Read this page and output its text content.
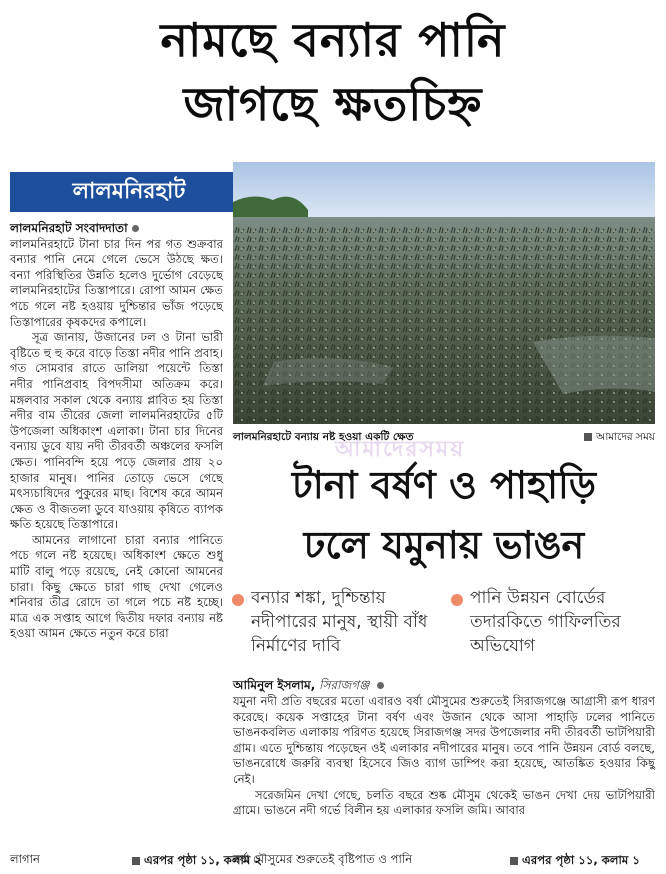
নামছে বন্যার পানি
জাগছে ক্ষতচিহ্ন
লালমনিরহাট
লালমনিরহাট সংবাদদাতা

লালমনিরহাটে টানা চার দিন পর গত শুক্রবার বন্যার পানি নেমে গেলে ভেসে উঠছে ক্ষত। বন্যা পরিস্থিতির উন্নতি হলেও দুর্ভোগ বেড়েছে লালমনিরহাটের তিস্তাপারে। রোপা আমন ক্ষেত পচে গলে নষ্ট হওয়ায় দুশ্চিন্তার ভাঁজ পড়েছে তিস্তাপারের কৃষকদের কপালে।

সূত্র জানায়, উজানের ঢল ও টানা ভারী বৃষ্টিতে হু হু করে বাড়ে তিস্তা নদীর পানি প্রবাহ। গত সোমবার রাতে ডালিয়া পয়েন্টে তিস্তা নদীর পানিপ্রবাহ বিপদসীমা অতিক্রম করে। মঙ্গলবার সকাল থেকে বন্যায় প্লাবিত হয় তিস্তা নদীর বাম তীরের জেলা লালমনিরহাটের ৫টি উপজেলা অধিকাংশ এলাকা। টানা চার দিনের বন্যায় ডুবে যায় নদী তীরবর্তী অঞ্চলের ফসলি ক্ষেত। পানিবন্দি হয়ে পড়ে জেলার প্রায় ২০ হাজার মানুষ। পানির তোড়ে ভেসে গেছে মৎস্যচাষিদের পুকুরের মাছ। বিশেষ করে আমন ক্ষেত ও বীজতলা ডুবে যাওয়ায় কৃষিতে ব্যাপক ক্ষতি হয়েছে তিস্তাপারে।

আমনের লাগানো চারা বন্যার পানিতে পচে গলে নষ্ট হয়েছে। অধিকাংশ ক্ষেতে শুধু মাটি বালু পড়ে রয়েছে, নেই কোনো আমনের চারা। কিছু ক্ষেতে চারা গাছ দেখা গেলেও শনিবার তীব্র রোদে তা গলে পচে নষ্ট হচ্ছে। মাত্র এক সপ্তাহ আগে দ্বিতীয় দফার বন্যায় নষ্ট হওয়া আমন ক্ষেতে নতুন করে চারা

লাগান	এরপর পৃষ্ঠা ১১, কলাম ২
লালমনিরহাটে বন্যায় নষ্ট হওয়া একটি ক্ষেত	আমাদের সময়
আমাদেরসময়
টানা বর্ষণ ও পাহাড়ি
ঢলে যমুনায় ভাঙন
বন্যার শঙ্কা, দুশ্চিন্তায় নদীপারের মানুষ, স্থায়ী বাঁধ নির্মাণের দাবি
পানি উন্নয়ন বোর্ডের তদারকিতে গাফিলতির অভিযোগ
আমিনুল ইসলাম, সিরাজগঞ্জ

যমুনা নদী প্রতি বছরের মতো এবারও বর্ষা মৌসুমের শুরুতেই সিরাজগঞ্জে আগ্রাসী রূপ ধারণ করেছে। কয়েক সপ্তাহের টানা বর্ষণ এবং উজান থেকে আসা পাহাড়ি ঢলের পানিতে ভাঙনকবলিত এলাকায় পরিণত হয়েছে সিরাজগঞ্জ সদর উপজেলার নদী তীরবর্তী ভাটপিয়ারী গ্রাম। এতে দুশ্চিন্তায় পড়েছেন ওই এলাকার নদীপারের মানুষ। তবে পানি উন্নয়ন বোর্ড বলছে, ভাঙনরোধে জরুরি ব্যবস্থা হিসেবে জিও ব্যাগ ডাম্পিং করা হয়েছে, আতঙ্কিত হওয়ার কিছু নেই।

সরেজমিন দেখা গেছে, চলতি বছরে শুষ্ক মৌসুম থেকেই ভাঙন দেখা দেয় ভাটপিয়ারী গ্রামে। ভাঙনে নদী গর্ভে বিলীন হয় এলাকার ফসলি জমি। আবার

বর্ষা মৌসুমের শুরুতেই বৃষ্টিপাত ও পানি	এরপর পৃষ্ঠা ১১, কলাম ১
